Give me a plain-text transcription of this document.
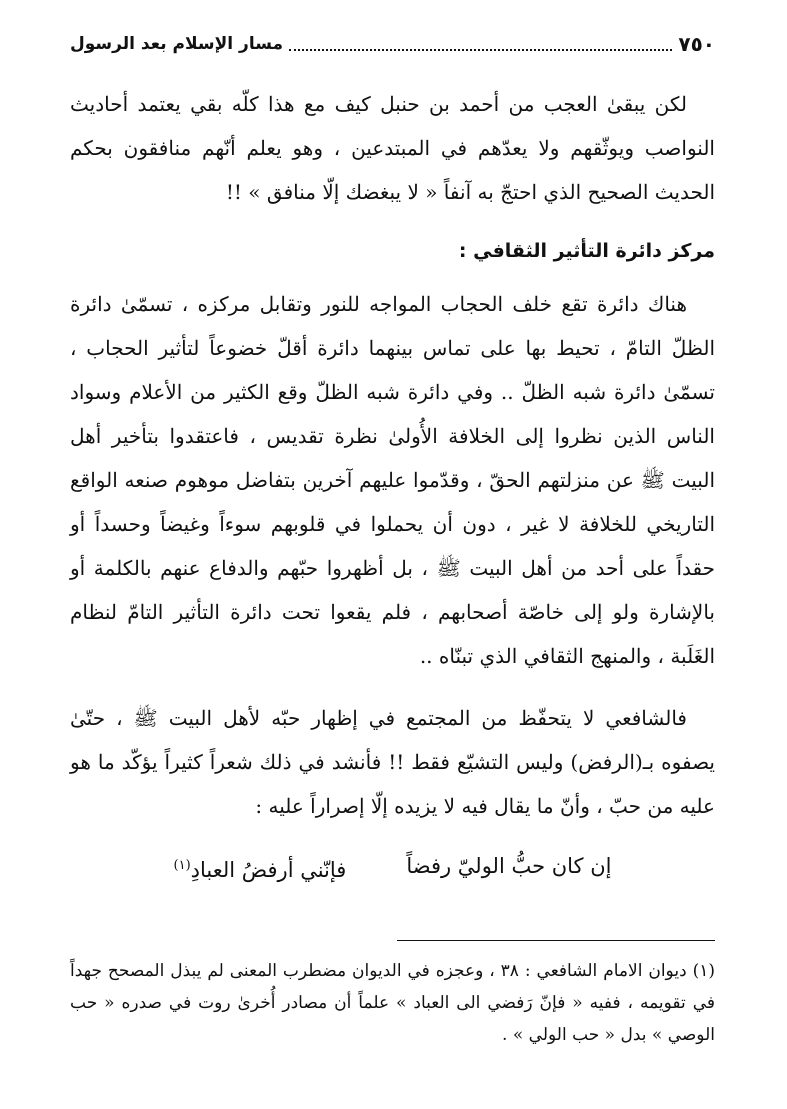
٧٥٠
مسار الإسلام بعد الرسول

لكن يبقىٰ العجب من أحمد بن حنبل كيف مع هذا كلّه بقي يعتمد أحاديث النواصب ويوثّقهم ولا يعدّهم في المبتدعين ، وهو يعلم أنّهم منافقون بحكم الحديث الصحيح الذي احتجّ به آنفاً « لا يبغضك إلّا منافق » !!

مركز دائرة التأثير الثقافي :

هناك دائرة تقع خلف الحجاب المواجه للنور وتقابل مركزه ، تسمّىٰ دائرة الظلّ التامّ ، تحيط بها على تماس بينهما دائرة أقلّ خضوعاً لتأثير الحجاب ، تسمّىٰ دائرة شبه الظلّ .. وفي دائرة شبه الظلّ وقع الكثير من الأعلام وسواد الناس الذين نظروا إلى الخلافة الأُولىٰ نظرة تقديس ، فاعتقدوا بتأخير أهل البيت ﷺ عن منزلتهم الحقّ ، وقدّموا عليهم آخرين بتفاضل موهوم صنعه الواقع التاريخي للخلافة لا غير ، دون أن يحملوا في قلوبهم سوءاً وغيضاً وحسداً أو حقداً على أحد من أهل البيت ﷺ ، بل أظهروا حبّهم والدفاع عنهم بالكلمة أو بالإشارة ولو إلى خاصّة أصحابهم ، فلم يقعوا تحت دائرة التأثير التامّ لنظام الغَلَبة ، والمنهج الثقافي الذي تبنّاه ..

فالشافعي لا يتحفّظ من المجتمع في إظهار حبّه لأهل البيت ﷺ ، حتّىٰ يصفوه بـ(الرفض) وليس التشيّع فقط !! فأنشد في ذلك شعراً كثيراً يؤكّد ما هو عليه من حبّ ، وأنّ ما يقال فيه لا يزيده إلّا إصراراً عليه :

إن كان حبُّ الوليّ رفضاً
فإنّني أرفضُ العبادِ$^{(١)}$
(١) ديوان الامام الشافعي : ٣٨ ، وعجزه في الديوان مضطرب المعنى لم يبذل المصحح جهداً في تقويمه ، ففيه « فإنّ رَفضي الى العباد » علماً أن مصادر أُخرىٰ روت في صدره « حب الوصي » بدل « حب الولي » .
